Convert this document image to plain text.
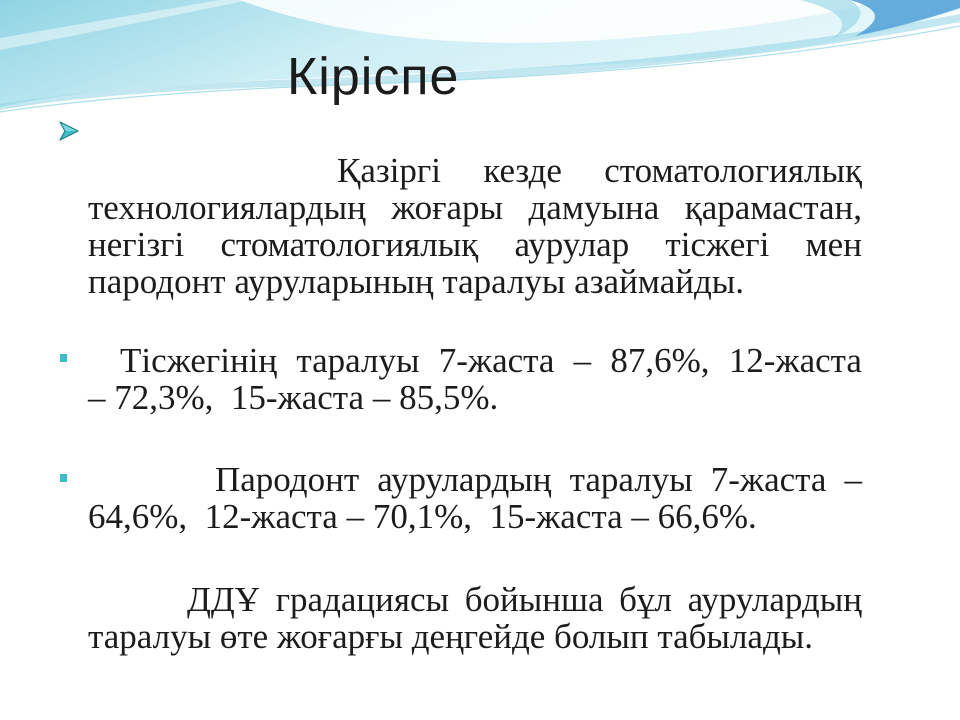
Кіріспе
Қазіргі кезде стоматологиялық
технологиялардың жоғары дамуына қарамастан,
негізгі стоматологиялық аурулар тісжегі мен
пародонт ауруларының таралуы азаймайды.
Тісжегінің таралуы 7-жаста – 87,6%, 12-жаста
– 72,3%,  15-жаста – 85,5%.
Пародонт аурулардың таралуы 7-жаста –
64,6%,  12-жаста – 70,1%,  15-жаста – 66,6%.
ДДҰ градациясы бойынша бұл аурулардың
таралуы өте жоғарғы деңгейде болып табылады.
